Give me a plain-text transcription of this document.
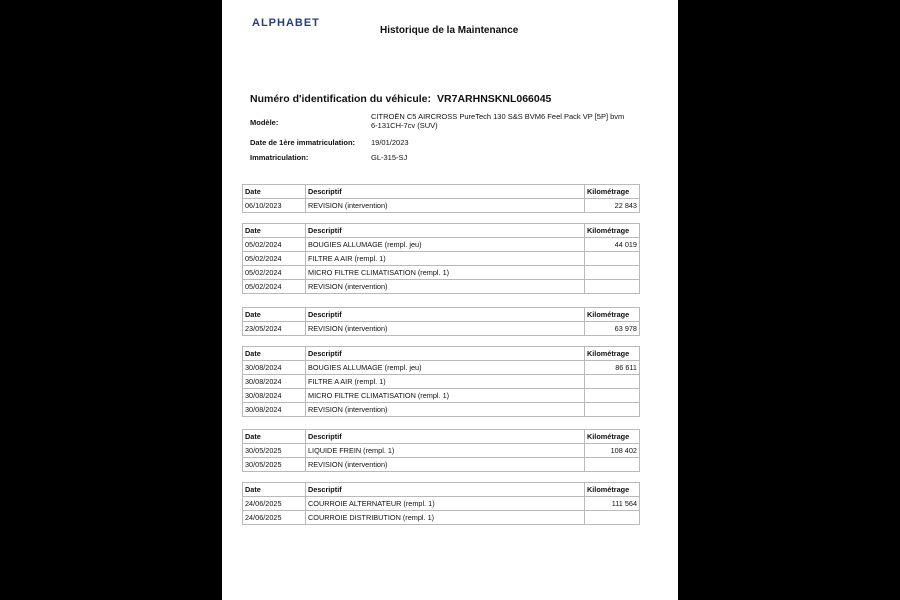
ALPHABET
Historique de la Maintenance
Numéro d'identification du véhicule: VR7ARHNSKNL066045
Modèle:
CITROËN C5 AIRCROSS PureTech 130 S&S BVM6 Feel Pack VP [5P] bvm 6-131CH-7cv (SUV)
Date de 1ère immatriculation: 19/01/2023
Immatriculation:	GL-315-SJ
Date	Descriptif	Kilométrage
06/10/2023	REVISION (intervention)	22 843
Date	Descriptif	Kilométrage
05/02/2024	BOUGIES ALLUMAGE (rempl. jeu)	44 019
05/02/2024	FILTRE A AIR (rempl. 1)	
05/02/2024	MICRO FILTRE CLIMATISATION (rempl. 1)	
05/02/2024	REVISION (intervention)	
Date	Descriptif	Kilométrage
23/05/2024	REVISION (intervention)	63 978
Date	Descriptif	Kilométrage
30/08/2024	BOUGIES ALLUMAGE (rempl. jeu)	86 611
30/08/2024	FILTRE A AIR (rempl. 1)	
30/08/2024	MICRO FILTRE CLIMATISATION (rempl. 1)	
30/08/2024	REVISION (intervention)	
Date	Descriptif	Kilométrage
30/05/2025	LIQUIDE FREIN (rempl. 1)	108 402
30/05/2025	REVISION (intervention)	
Date	Descriptif	Kilométrage
24/06/2025	COURROIE ALTERNATEUR (rempl. 1)	111 564
24/06/2025	COURROIE DISTRIBUTION (rempl. 1)	
